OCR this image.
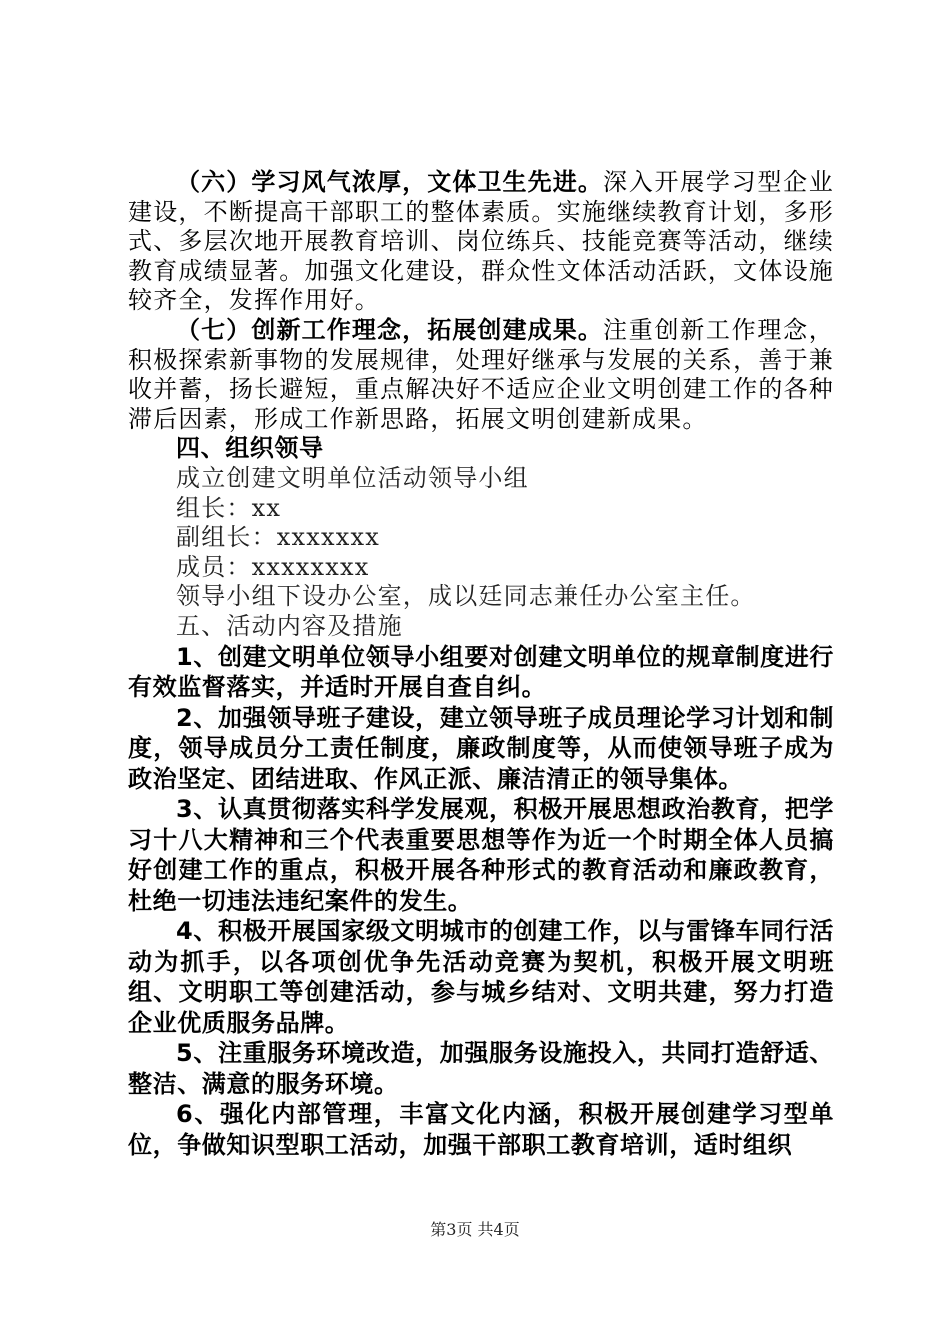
（六）学习风气浓厚，文体卫生先进。深入开展学习型企业建设，不断提高干部职工的整体素质。实施继续教育计划，多形式、多层次地开展教育培训、岗位练兵、技能竞赛等活动，继续教育成绩显著。加强文化建设，群众性文体活动活跃，文体设施较齐全，发挥作用好。

（七）创新工作理念，拓展创建成果。注重创新工作理念，积极探索新事物的发展规律，处理好继承与发展的关系，善于兼收并蓄，扬长避短，重点解决好不适应企业文明创建工作的各种滞后因素，形成工作新思路，拓展文明创建新成果。

四、组织领导

成立创建文明单位活动领导小组

组长：xx

副组长：xxxxxxx

成员：xxxxxxxx

领导小组下设办公室，成以廷同志兼任办公室主任。

五、活动内容及措施

1、创建文明单位领导小组要对创建文明单位的规章制度进行有效监督落实，并适时开展自查自纠。

2、加强领导班子建设，建立领导班子成员理论学习计划和制度，领导成员分工责任制度，廉政制度等，从而使领导班子成为政治坚定、团结进取、作风正派、廉洁清正的领导集体。

3、认真贯彻落实科学发展观，积极开展思想政治教育，把学习十八大精神和三个代表重要思想等作为近一个时期全体人员搞好创建工作的重点，积极开展各种形式的教育活动和廉政教育，杜绝一切违法违纪案件的发生。

4、积极开展国家级文明城市的创建工作，以与雷锋车同行活动为抓手，以各项创优争先活动竞赛为契机，积极开展文明班组、文明职工等创建活动，参与城乡结对、文明共建，努力打造企业优质服务品牌。

5、注重服务环境改造，加强服务设施投入，共同打造舒适、整洁、满意的服务环境。

6、强化内部管理，丰富文化内涵，积极开展创建学习型单位，争做知识型职工活动，加强干部职工教育培训，适时组织

第3页 共4页
